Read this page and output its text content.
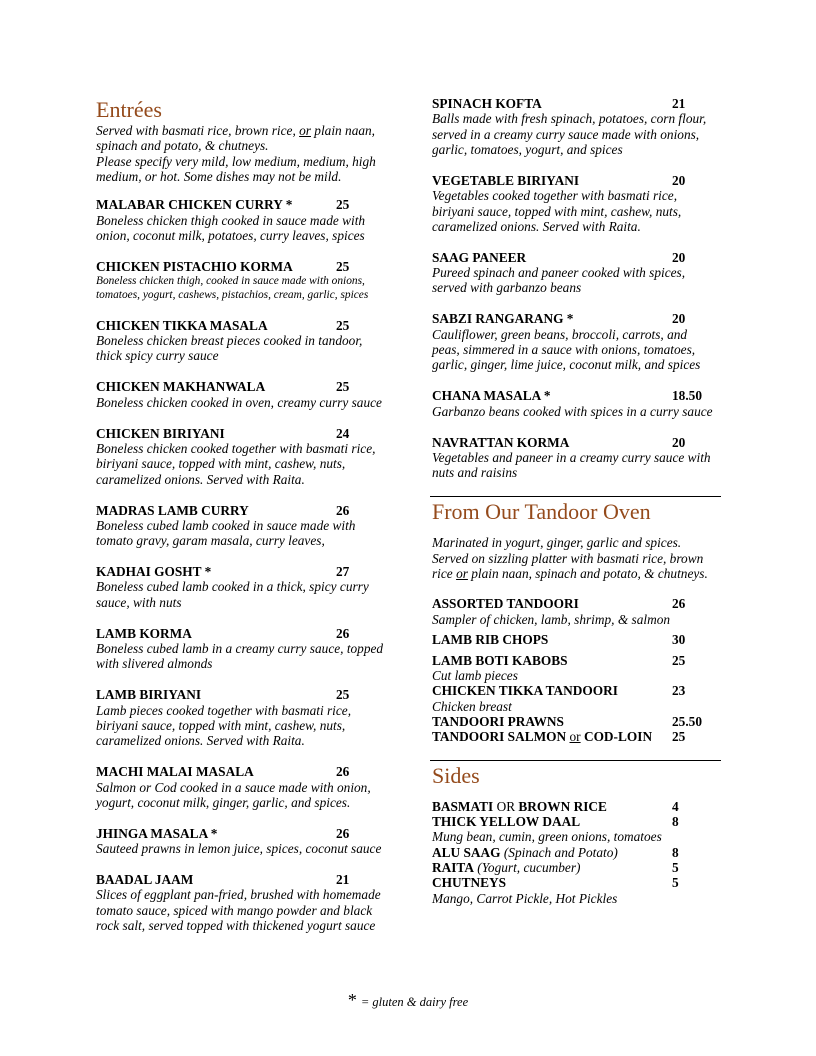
Entrées
Served with basmati rice, brown rice, or plain naan,
spinach and potato, & chutneys.
Please specify very mild, low medium, medium, high
medium, or hot. Some dishes may not be mild.
MALABAR CHICKEN CURRY *	25
Boneless chicken thigh cooked in sauce made with
onion, coconut milk, potatoes, curry leaves, spices
CHICKEN PISTACHIO KORMA	25
Boneless chicken thigh, cooked in sauce made with onions,
tomatoes, yogurt, cashews, pistachios, cream, garlic, spices
CHICKEN TIKKA MASALA	25
Boneless chicken breast pieces cooked in tandoor,
thick spicy curry sauce
CHICKEN MAKHANWALA	25
Boneless chicken cooked in oven, creamy curry sauce
CHICKEN BIRIYANI	24
Boneless chicken cooked together with basmati rice,
biriyani sauce, topped with mint, cashew, nuts,
caramelized onions. Served with Raita.
MADRAS LAMB CURRY	26
Boneless cubed lamb cooked in sauce made with
tomato gravy, garam masala, curry leaves,
KADHAI GOSHT *	27
Boneless cubed lamb cooked in a thick, spicy curry
sauce, with nuts
LAMB KORMA	26
Boneless cubed lamb in a creamy curry sauce, topped
with slivered almonds
LAMB BIRIYANI	25
Lamb pieces cooked together with basmati rice,
biriyani sauce, topped with mint, cashew, nuts,
caramelized onions. Served with Raita.
MACHI MALAI MASALA	26
Salmon or Cod cooked in a sauce made with onion,
yogurt, coconut milk, ginger, garlic, and spices.
JHINGA MASALA *	26
Sauteed prawns in lemon juice, spices, coconut sauce
BAADAL JAAM	21
Slices of eggplant pan-fried, brushed with homemade
tomato sauce, spiced with mango powder and black
rock salt, served topped with thickened yogurt sauce
SPINACH KOFTA	21
Balls made with fresh spinach, potatoes, corn flour,
served in a creamy curry sauce made with onions,
garlic, tomatoes, yogurt, and spices
VEGETABLE BIRIYANI	20
Vegetables cooked together with basmati rice,
biriyani sauce, topped with mint, cashew, nuts,
caramelized onions. Served with Raita.
SAAG PANEER	20
Pureed spinach and paneer cooked with spices,
served with garbanzo beans
SABZI RANGARANG *	20
Cauliflower, green beans, broccoli, carrots, and
peas, simmered in a sauce with onions, tomatoes,
garlic, ginger, lime juice, coconut milk, and spices
CHANA MASALA *	18.50
Garbanzo beans cooked with spices in a curry sauce
NAVRATTAN KORMA	20
Vegetables and paneer in a creamy curry sauce with
nuts and raisins
From Our Tandoor Oven
Marinated in yogurt, ginger, garlic and spices.
Served on sizzling platter with basmati rice, brown
rice or plain naan, spinach and potato, & chutneys.
ASSORTED TANDOORI	26
Sampler of chicken, lamb, shrimp, & salmon
LAMB RIB CHOPS	30
LAMB BOTI KABOBS	25
Cut lamb pieces
CHICKEN TIKKA TANDOORI	23
Chicken breast
TANDOORI PRAWNS	25.50
TANDOORI SALMON or COD-LOIN 25
Sides
BASMATI OR BROWN RICE	4
THICK YELLOW DAAL	8
Mung bean, cumin, green onions, tomatoes
ALU SAAG (Spinach and Potato)	8
RAITA (Yogurt, cucumber)	5
CHUTNEYS	5
Mango, Carrot Pickle, Hot Pickles
* = gluten & dairy free
